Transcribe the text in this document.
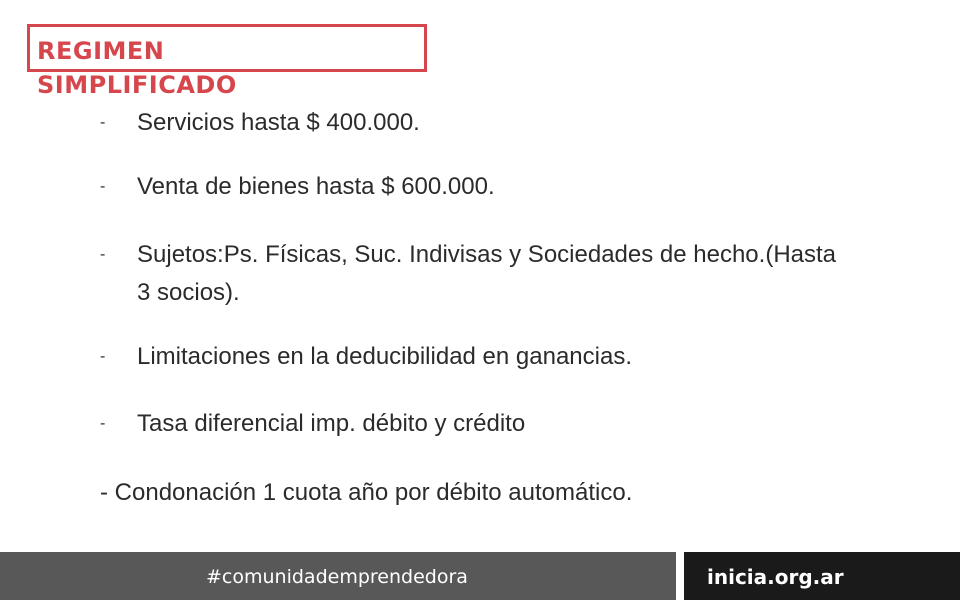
REGIMEN
SIMPLIFICADO
- Servicios hasta $ 400.000.
- Venta de bienes hasta $ 600.000.
- Sujetos:Ps. Físicas, Suc. Indivisas y Sociedades de hecho.(Hasta 3 socios).
- Limitaciones en la deducibilidad en ganancias.
- Tasa diferencial imp. débito y crédito
- Condonación 1 cuota año por débito automático.
#comunidademprendedora	inicia.org.ar
